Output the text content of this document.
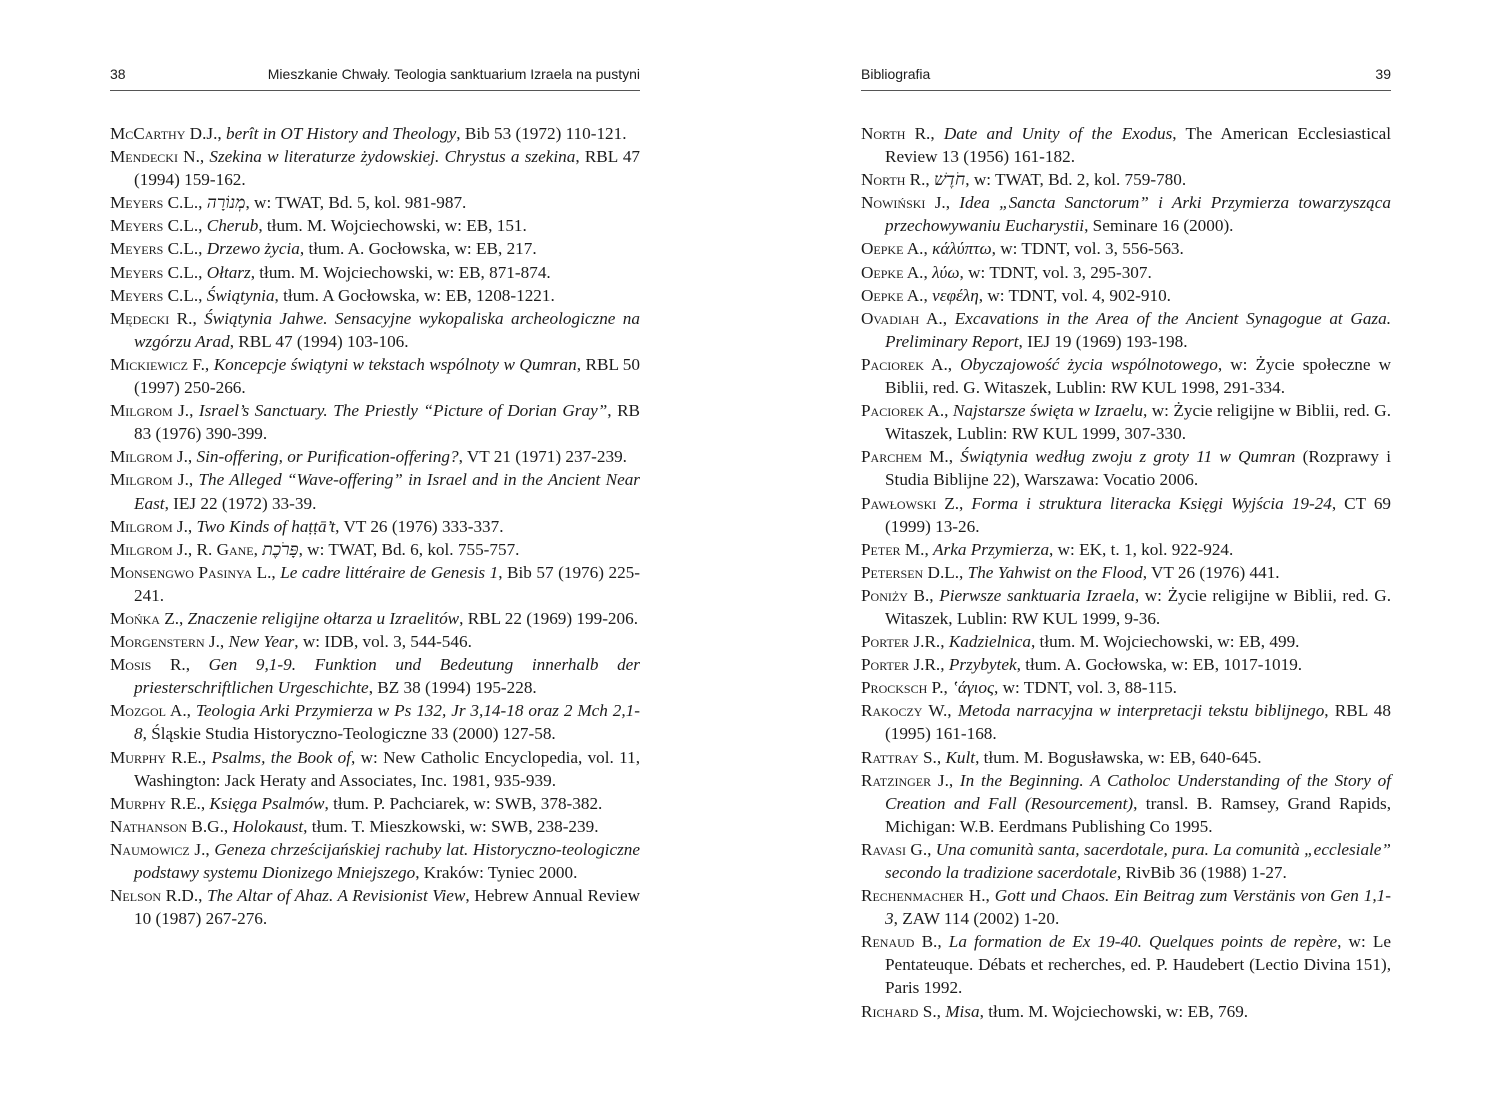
38	Mieszkanie Chwały. Teologia sanktuarium Izraela na pustyni

McCarthy D.J., berît in OT History and Theology, Bib 53 (1972) 110-121.

Mendecki N., Szekina w literaturze żydowskiej. Chrystus a szekina, RBL 47 (1994) 159-162.

Meyers C.L., מְנוֹרָה, w: TWAT, Bd. 5, kol. 981-987.

Meyers C.L., Cherub, tłum. M. Wojciechowski, w: EB, 151.

Meyers C.L., Drzewo życia, tłum. A. Gocłowska, w: EB, 217.

Meyers C.L., Ołtarz, tłum. M. Wojciechowski, w: EB, 871-874.

Meyers C.L., Świątynia, tłum. A Gocłowska, w: EB, 1208-1221.

Mędecki R., Świątynia Jahwe. Sensacyjne wykopaliska archeologiczne na wzgórzu Arad, RBL 47 (1994) 103-106.

Mickiewicz F., Koncepcje świątyni w tekstach wspólnoty w Qumran, RBL 50 (1997) 250-266.

Milgrom J., Israel’s Sanctuary. The Priestly “Picture of Dorian Gray”, RB 83 (1976) 390-399.

Milgrom J., Sin-offering, or Purification-offering?, VT 21 (1971) 237-239.

Milgrom J., The Alleged “Wave-offering” in Israel and in the Ancient Near East, IEJ 22 (1972) 33-39.

Milgrom J., Two Kinds of haṭṭā’t, VT 26 (1976) 333-337.

Milgrom J., R. Gane, פָּרֹכֶת, w: TWAT, Bd. 6, kol. 755-757.

Monsengwo Pasinya L., Le cadre littéraire de Genesis 1, Bib 57 (1976) 225-241.

Mońka Z., Znaczenie religijne ołtarza u Izraelitów, RBL 22 (1969) 199-206.

Morgenstern J., New Year, w: IDB, vol. 3, 544-546.

Mosis R., Gen 9,1-9. Funktion und Bedeutung innerhalb der priesterschriftlichen Urgeschichte, BZ 38 (1994) 195-228.

Mozgol A., Teologia Arki Przymierza w Ps 132, Jr 3,14-18 oraz 2 Mch 2,1-8, Śląskie Studia Historyczno-Teologiczne 33 (2000) 127-58.

Murphy R.E., Psalms, the Book of, w: New Catholic Encyclopedia, vol. 11, Washington: Jack Heraty and Associates, Inc. 1981, 935-939.

Murphy R.E., Księga Psalmów, tłum. P. Pachciarek, w: SWB, 378-382.

Nathanson B.G., Holokaust, tłum. T. Mieszkowski, w: SWB, 238-239.

Naumowicz J., Geneza chrześcijańskiej rachuby lat. Historyczno-teologiczne podstawy systemu Dionizego Mniejszego, Kraków: Tyniec 2000.

Nelson R.D., The Altar of Ahaz. A Revisionist View, Hebrew Annual Review 10 (1987) 267-276.

Bibliografia	39

North R., Date and Unity of the Exodus, The American Ecclesiastical Review 13 (1956) 161-182.

North R., חֹדֶשׁ, w: TWAT, Bd. 2, kol. 759-780.

Nowiński J., Idea „Sancta Sanctorum” i Arki Przymierza towarzysząca przechowywaniu Eucharystii, Seminare 16 (2000).

Oepke A., κάλύπτω, w: TDNT, vol. 3, 556-563.

Oepke A., λύω, w: TDNT, vol. 3, 295-307.

Oepke A., νεφέλη, w: TDNT, vol. 4, 902-910.

Ovadiah A., Excavations in the Area of the Ancient Synagogue at Gaza. Preliminary Report, IEJ 19 (1969) 193-198.

Paciorek A., Obyczajowość życia wspólnotowego, w: Życie społeczne w Biblii, red. G. Witaszek, Lublin: RW KUL 1998, 291-334.

Paciorek A., Najstarsze święta w Izraelu, w: Życie religijne w Biblii, red. G. Witaszek, Lublin: RW KUL 1999, 307-330.

Parchem M., Świątynia według zwoju z groty 11 w Qumran (Rozprawy i Studia Biblijne 22), Warszawa: Vocatio 2006.

Pawłowski Z., Forma i struktura literacka Księgi Wyjścia 19-24, CT 69 (1999) 13-26.

Peter M., Arka Przymierza, w: EK, t. 1, kol. 922-924.

Petersen D.L., The Yahwist on the Flood, VT 26 (1976) 441.

Poniży B., Pierwsze sanktuaria Izraela, w: Życie religijne w Biblii, red. G. Witaszek, Lublin: RW KUL 1999, 9-36.

Porter J.R., Kadzielnica, tłum. M. Wojciechowski, w: EB, 499.

Porter J.R., Przybytek, tłum. A. Gocłowska, w: EB, 1017-1019.

Procksch P., ʽάγιος, w: TDNT, vol. 3, 88-115.

Rakoczy W., Metoda narracyjna w interpretacji tekstu biblijnego, RBL 48 (1995) 161-168.

Rattray S., Kult, tłum. M. Bogusławska, w: EB, 640-645.

Ratzinger J., In the Beginning. A Catholoc Understanding of the Story of Creation and Fall (Resourcement), transl. B. Ramsey, Grand Rapids, Michigan: W.B. Eerdmans Publishing Co 1995.

Ravasi G., Una comunità santa, sacerdotale, pura. La comunità „ecclesiale” secondo la tradizione sacerdotale, RivBib 36 (1988) 1-27.

Rechenmacher H., Gott und Chaos. Ein Beitrag zum Verstänis von Gen 1,1-3, ZAW 114 (2002) 1-20.

Renaud B., La formation de Ex 19-40. Quelques points de repère, w: Le Pentateuque. Débats et recherches, ed. P. Haudebert (Lectio Divina 151), Paris 1992.

Richard S., Misa, tłum. M. Wojciechowski, w: EB, 769.
